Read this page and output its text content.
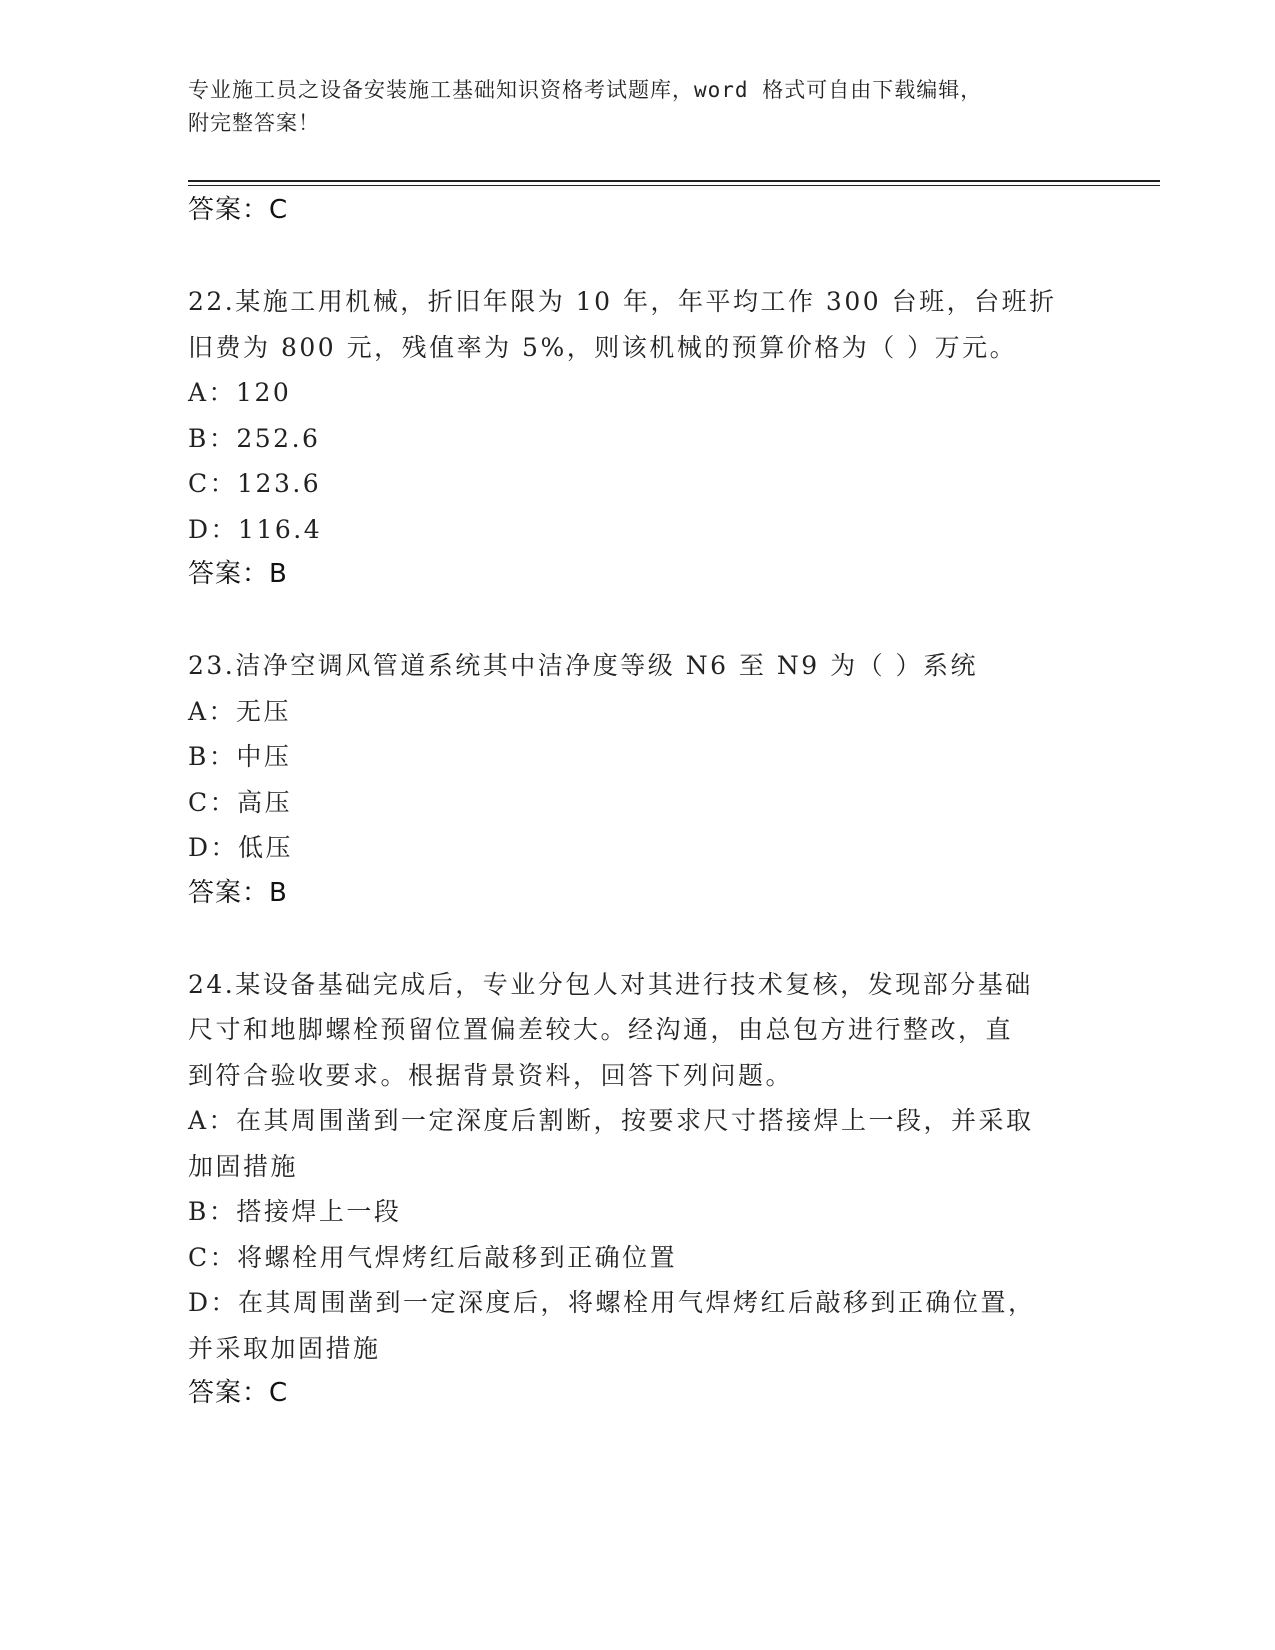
专业施工员之设备安装施工基础知识资格考试题库，word 格式可自由下载编辑，
附完整答案！
答案：C
22.某施工用机械，折旧年限为 10 年，年平均工作 300 台班，台班折
旧费为 800 元，残值率为 5%，则该机械的预算价格为（ ）万元。
A：120
B：252.6
C：123.6
D：116.4
答案：B
23.洁净空调风管道系统其中洁净度等级 N6 至 N9 为（ ）系统
A：无压
B：中压
C：高压
D：低压
答案：B
24.某设备基础完成后，专业分包人对其进行技术复核，发现部分基础
尺寸和地脚螺栓预留位置偏差较大。经沟通，由总包方进行整改，直
到符合验收要求。根据背景资料，回答下列问题。
A：在其周围凿到一定深度后割断，按要求尺寸搭接焊上一段，并采取
加固措施
B：搭接焊上一段
C：将螺栓用气焊烤红后敲移到正确位置
D：在其周围凿到一定深度后，将螺栓用气焊烤红后敲移到正确位置，
并采取加固措施
答案：C
